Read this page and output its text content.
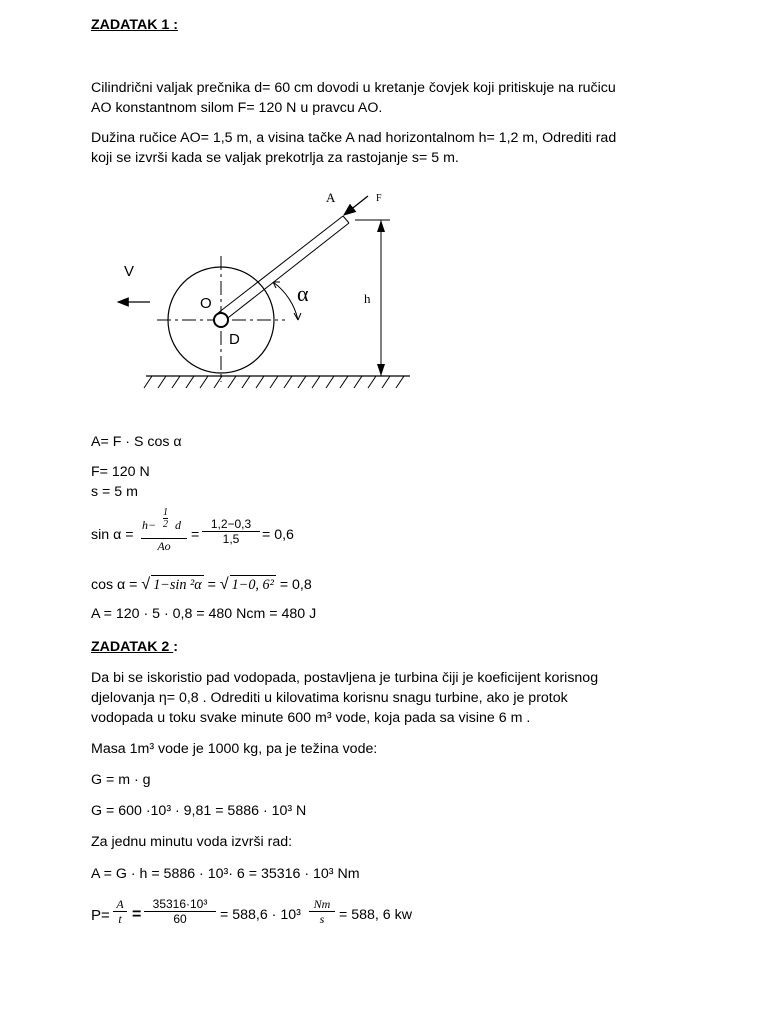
ZADATAK 1 :
Cilindrični valjak prečnika d= 60 cm dovodi u kretanje čovjek koji pritiskuje na ručicu
AO konstantnom silom F= 120 N u pravcu AO.
Dužina ručice AO= 1,5 m, a visina tačke A nad horizontalnom h= 1,2 m, Odrediti rad
koji se izvrši kada se valjak prekotrlja za rastojanje s= 5 m.
A	F
V
O
D
h
α
A= F · S cos α
F= 120 N
s = 5 m
sin α = h−
1
2 d
$Ao = \frac{1,2-0,3}{1,5} = 0,6$
cos α = √ 1−sin ²α = √ 1−0, 6² = 0,8
A = 120 · 5 · 0,8 = 480 Ncm = 480 J
ZADATAK 2 :
Da bi se iskoristio pad vodopada, postavljena je turbina čiji je koeficijent korisnog
djelovanja η= 0,8 . Odrediti u kilovatima korisnu snagu turbine, ako je protok
vodopada u toku svake minute 600 m³ vode, koja pada sa visine 6 m .
Masa 1m³ vode je 1000 kg, pa je težina vode:
G = m · g
G = 600 ·10³ · 9,81 = 5886 · 10³ N
Za jednu minutu voda izvrši rad:
A = G · h = 5886 · 10³· 6 = 35316 · 10³ Nm
$P= \frac{A}{t} = \frac{\text{35316·10³}}{60} = 588,6 \cdot 10^3 \frac{Nm}{s} = 588$, 6 kw
